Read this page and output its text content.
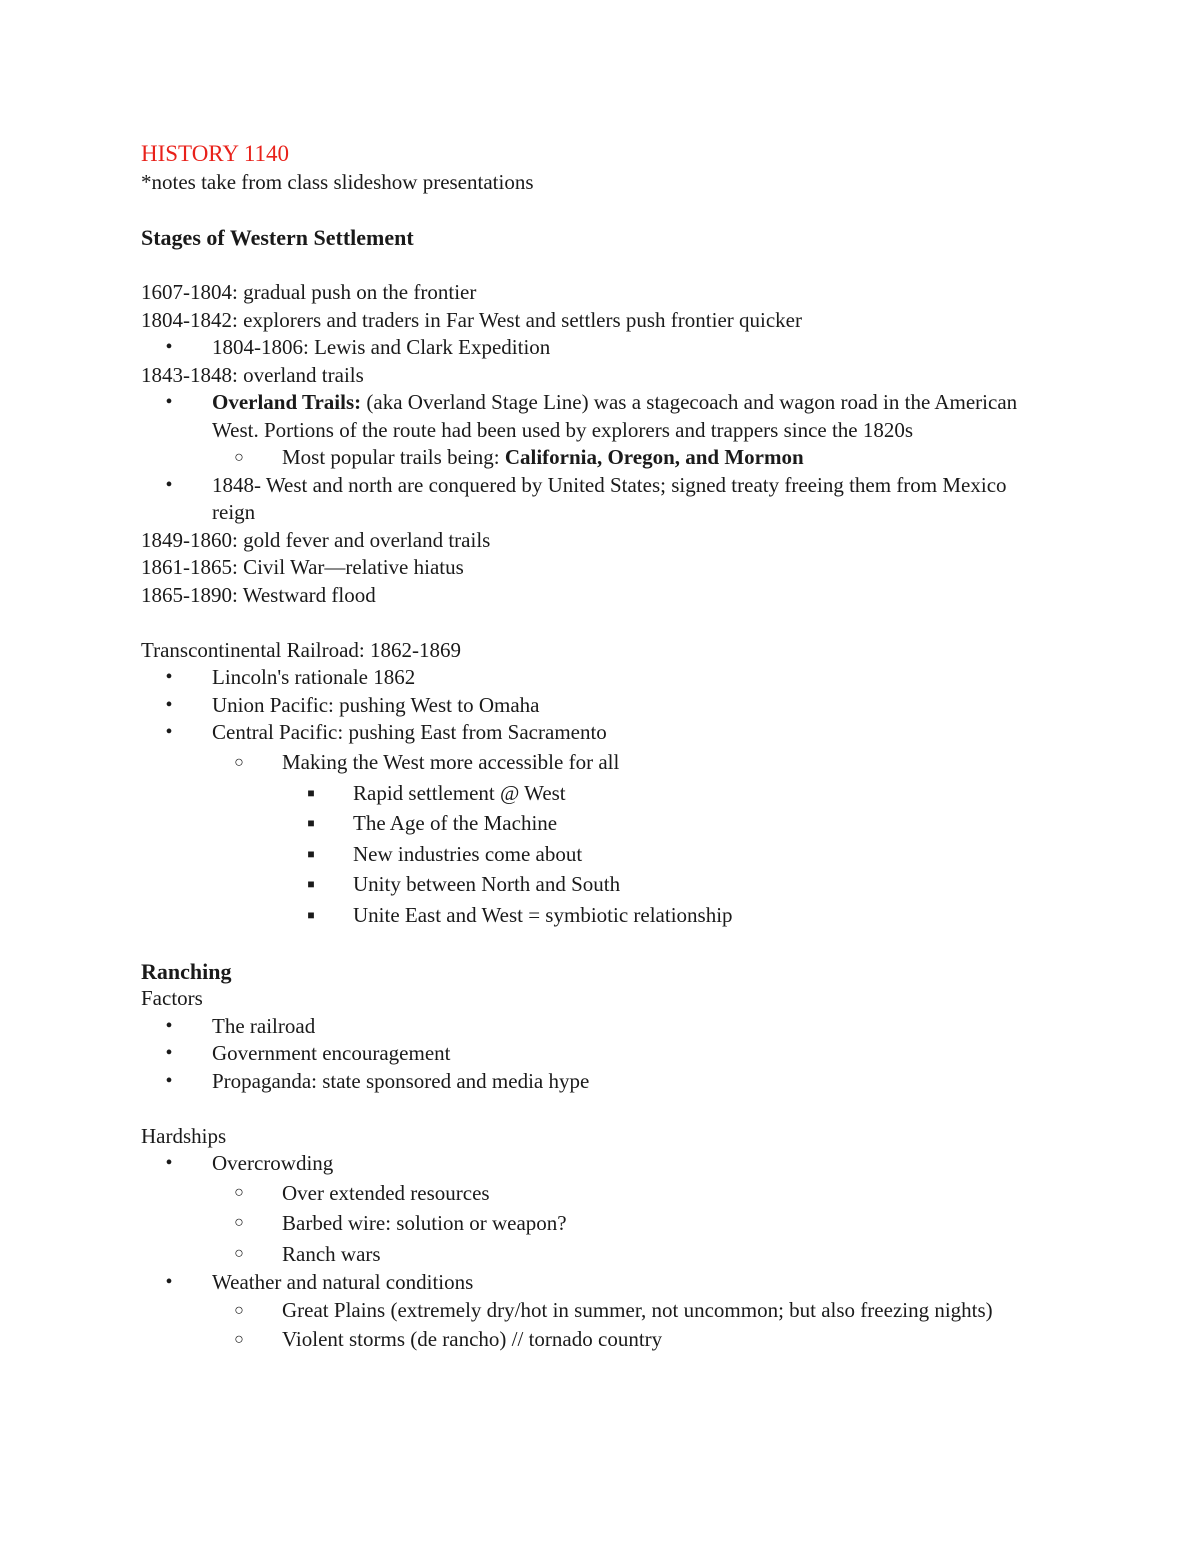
HISTORY 1140
*notes take from class slideshow presentations
Stages of Western Settlement
1607-1804: gradual push on the frontier
1804-1842: explorers and traders in Far West and settlers push frontier quicker
•	1804-1806: Lewis and Clark Expedition
1843-1848: overland trails
•	Overland Trails: (aka Overland Stage Line) was a stagecoach and wagon road in the American West. Portions of the route had been used by explorers and trappers since the 1820s
○ Most popular trails being: California, Oregon, and Mormon
•	1848- West and north are conquered by United States; signed treaty freeing them from Mexico reign
1849-1860: gold fever and overland trails
1861-1865: Civil War—relative hiatus
1865-1890: Westward flood
Transcontinental Railroad: 1862-1869
•	Lincoln's rationale 1862
•	Union Pacific: pushing West to Omaha
•	Central Pacific: pushing East from Sacramento
○ Making the West more accessible for all
■	Rapid settlement @ West
■	The Age of the Machine
■	New industries come about
■	Unity between North and South
■	Unite East and West = symbiotic relationship
Ranching
Factors
•	The railroad
•	Government encouragement
•	Propaganda: state sponsored and media hype
Hardships
•	Overcrowding
○ Over extended resources
○ Barbed wire: solution or weapon?
○ Ranch wars
•	Weather and natural conditions
○ Great Plains (extremely dry/hot in summer, not uncommon; but also freezing nights)
○ Violent storms (de rancho) // tornado country
